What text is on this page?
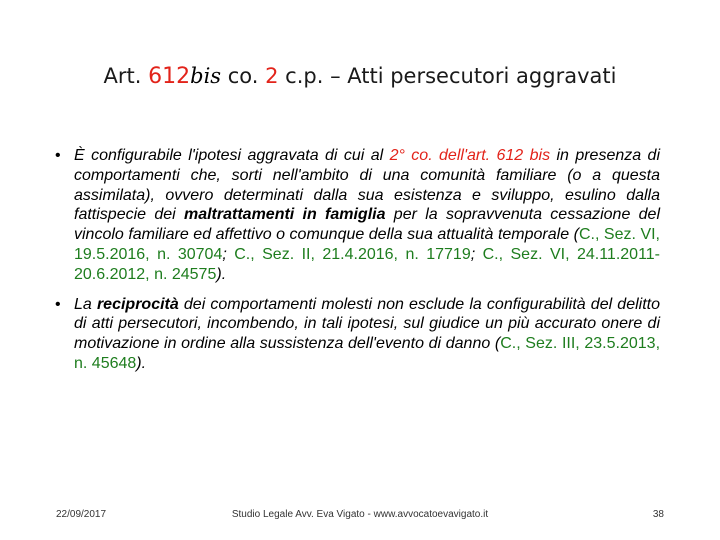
Art. 612bis co. 2 c.p. – Atti persecutori aggravati
• È configurabile l'ipotesi aggravata di cui al 2° co. dell'art. 612 bis in presenza di comportamenti che, sorti nell'ambito di una comunità familiare (o a questa assimilata), ovvero determinati dalla sua esistenza e sviluppo, esulino dalla fattispecie dei maltrattamenti in famiglia per la sopravvenuta cessazione del vincolo familiare ed affettivo o comunque della sua attualità temporale (C., Sez. VI, 19.5.2016, n. 30704; C., Sez. II, 21.4.2016, n. 17719; C., Sez. VI, 24.11.2011-20.6.2012, n. 24575).
• La reciprocità dei comportamenti molesti non esclude la configurabilità del delitto di atti persecutori, incombendo, in tali ipotesi, sul giudice un più accurato onere di motivazione in ordine alla sussistenza dell'evento di danno (C., Sez. III, 23.5.2013, n. 45648).
22/09/2017	Studio Legale Avv. Eva Vigato - www.avvocatoevavigato.it	38
